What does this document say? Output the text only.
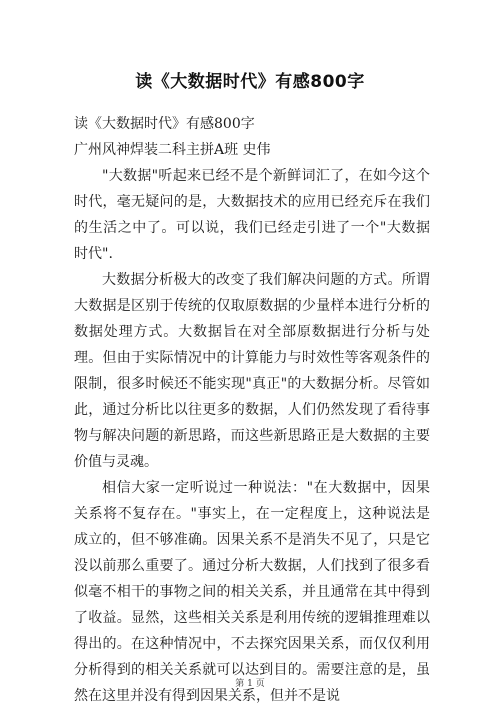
读《大数据时代》有感800字

读《大数据时代》有感800字

广州风神焊装二科主拼A班 史伟

"大数据"听起来已经不是个新鲜词汇了，在如今这个时代，毫无疑问的是，大数据技术的应用已经充斥在我们的生活之中了。可以说，我们已经走引进了一个"大数据时代".

大数据分析极大的改变了我们解决问题的方式。所谓大数据是区别于传统的仅取原数据的少量样本进行分析的数据处理方式。大数据旨在对全部原数据进行分析与处理。但由于实际情况中的计算能力与时效性等客观条件的限制，很多时候还不能实现"真正"的大数据分析。尽管如此，通过分析比以往更多的数据，人们仍然发现了看待事物与解决问题的新思路，而这些新思路正是大数据的主要价值与灵魂。

相信大家一定听说过一种说法："在大数据中，因果关系将不复存在。"事实上，在一定程度上，这种说法是成立的，但不够准确。因果关系不是消失不见了，只是它没以前那么重要了。通过分析大数据，人们找到了很多看似毫不相干的事物之间的相关关系，并且通常在其中得到了收益。显然，这些相关关系是利用传统的逻辑推理难以得出的。在这种情况中，不去探究因果关系，而仅仅利用分析得到的相关关系就可以达到目的。需要注意的是，虽然在这里并没有得到因果关系，但并不是说

第 1 页
